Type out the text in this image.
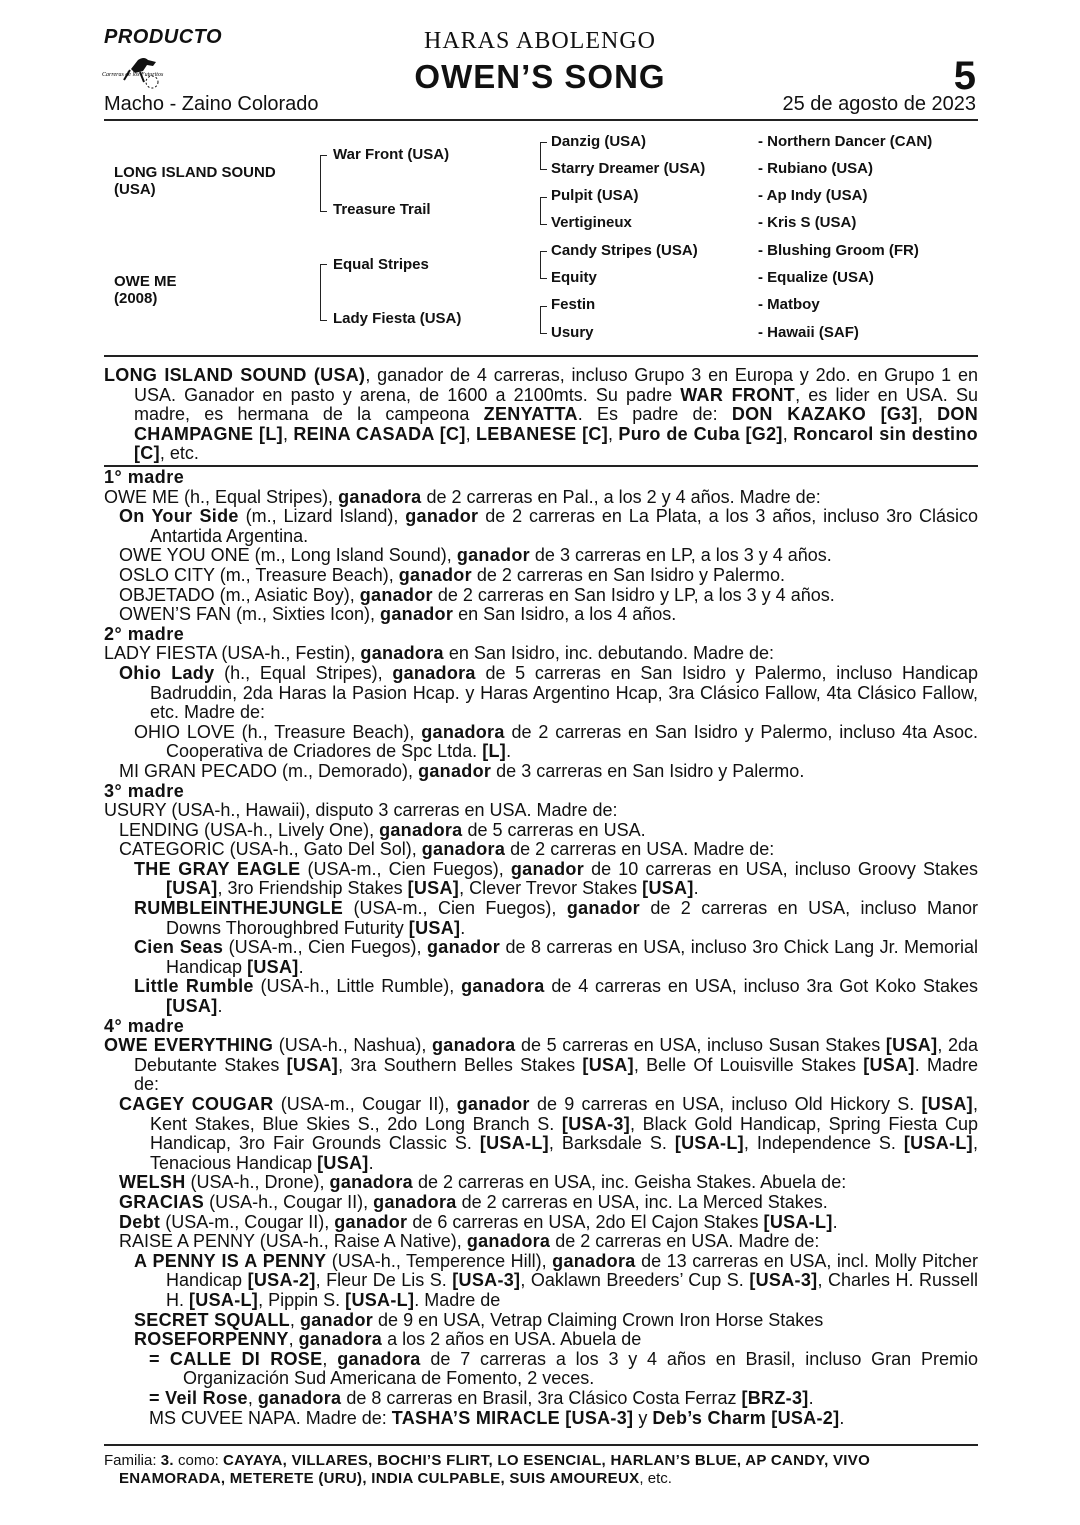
PRODUCTO
Carreras de los Futuritos
HARAS ABOLENGO
OWEN’S SONG	5
Macho - Zaino Colorado	25 de agosto de 2023
LONG ISLAND SOUND
(USA)
OWE ME
(2008)
War Front (USA)
Treasure Trail
Equal Stripes
Lady Fiesta (USA)
Danzig (USA)
Starry Dreamer (USA)
Pulpit (USA)
Vertigineux
Candy Stripes (USA)
Equity
Festin
Usury
- Northern Dancer (CAN)
- Rubiano (USA)
- Ap Indy (USA)
- Kris S (USA)
- Blushing Groom (FR)
- Equalize (USA)
- Matboy
- Hawaii (SAF)

LONG ISLAND SOUND (USA), ganador de 4 carreras, incluso Grupo 3 en Europa y 2do. en Grupo 1 en USA. Ganador en pasto y arena, de 1600 a 2100mts. Su padre WAR FRONT, es lider en USA. Su madre, es hermana de la campeona ZENYATTA. Es padre de: DON KAZAKO [G3], DON CHAMPAGNE [L], REINA CASADA [C], LEBANESE [C], Puro de Cuba [G2], Roncarol sin destino [C], etc.

1° madre

OWE ME (h., Equal Stripes), ganadora de 2 carreras en Pal., a los 2 y 4 años. Madre de:

On Your Side (m., Lizard Island), ganador de 2 carreras en La Plata, a los 3 años, incluso 3ro Clásico Antartida Argentina.

OWE YOU ONE (m., Long Island Sound), ganador de 3 carreras en LP, a los 3 y 4 años.

OSLO CITY (m., Treasure Beach), ganador de 2 carreras en San Isidro y Palermo.

OBJETADO (m., Asiatic Boy), ganador de 2 carreras en San Isidro y LP, a los 3 y 4 años.

OWEN’S FAN (m., Sixties Icon), ganador en San Isidro, a los 4 años.

2° madre

LADY FIESTA (USA-h., Festin), ganadora en San Isidro, inc. debutando. Madre de:

Ohio Lady (h., Equal Stripes), ganadora de 5 carreras en San Isidro y Palermo, incluso Handicap Badruddin, 2da Haras la Pasion Hcap. y Haras Argentino Hcap, 3ra Clásico Fallow, 4ta Clásico Fallow, etc. Madre de:

OHIO LOVE (h., Treasure Beach), ganadora de 2 carreras en San Isidro y Palermo, incluso 4ta Asoc. Cooperativa de Criadores de Spc Ltda. [L].

MI GRAN PECADO (m., Demorado), ganador de 3 carreras en San Isidro y Palermo.

3° madre

USURY (USA-h., Hawaii), disputo 3 carreras en USA. Madre de:

LENDING (USA-h., Lively One), ganadora de 5 carreras en USA.

CATEGORIC (USA-h., Gato Del Sol), ganadora de 2 carreras en USA. Madre de:

THE GRAY EAGLE (USA-m., Cien Fuegos), ganador de 10 carreras en USA, incluso Groovy Stakes [USA], 3ro Friendship Stakes [USA], Clever Trevor Stakes [USA].

RUMBLEINTHEJUNGLE (USA-m., Cien Fuegos), ganador de 2 carreras en USA, incluso Manor Downs Thoroughbred Futurity [USA].

Cien Seas (USA-m., Cien Fuegos), ganador de 8 carreras en USA, incluso 3ro Chick Lang Jr. Memorial Handicap [USA].

Little Rumble (USA-h., Little Rumble), ganadora de 4 carreras en USA, incluso 3ra Got Koko Stakes [USA].

4° madre

OWE EVERYTHING (USA-h., Nashua), ganadora de 5 carreras en USA, incluso Susan Stakes [USA], 2da Debutante Stakes [USA], 3ra Southern Belles Stakes [USA], Belle Of Louisville Stakes [USA]. Madre de:

CAGEY COUGAR (USA-m., Cougar II), ganador de 9 carreras en USA, incluso Old Hickory S. [USA], Kent Stakes, Blue Skies S., 2do Long Branch S. [USA-3], Black Gold Handicap, Spring Fiesta Cup Handicap, 3ro Fair Grounds Classic S. [USA-L], Barksdale S. [USA-L], Independence S. [USA-L], Tenacious Handicap [USA].

WELSH (USA-h., Drone), ganadora de 2 carreras en USA, inc. Geisha Stakes. Abuela de:

GRACIAS (USA-h., Cougar II), ganadora de 2 carreras en USA, inc. La Merced Stakes.

Debt (USA-m., Cougar II), ganador de 6 carreras en USA, 2do El Cajon Stakes [USA-L].

RAISE A PENNY (USA-h., Raise A Native), ganadora de 2 carreras en USA. Madre de:

A PENNY IS A PENNY (USA-h., Temperence Hill), ganadora de 13 carreras en USA, incl. Molly Pitcher Handicap [USA-2], Fleur De Lis S. [USA-3], Oaklawn Breeders’ Cup S. [USA-3], Charles H. Russell H. [USA-L], Pippin S. [USA-L]. Madre de

SECRET SQUALL, ganador de 9 en USA, Vetrap Claiming Crown Iron Horse Stakes

ROSEFORPENNY, ganadora a los 2 años en USA. Abuela de

= CALLE DI ROSE, ganadora de 7 carreras a los 3 y 4 años en Brasil, incluso Gran Premio Organización Sud Americana de Fomento, 2 veces.

= Veil Rose, ganadora de 8 carreras en Brasil, 3ra Clásico Costa Ferraz [BRZ-3].

MS CUVEE NAPA. Madre de: TASHA’S MIRACLE [USA-3] y Deb’s Charm [USA-2].

Familia: 3. como: CAYAYA, VILLARES, BOCHI’S FLIRT, LO ESENCIAL, HARLAN’S BLUE, AP CANDY, VIVO ENAMORADA, METERETE (URU), INDIA CULPABLE, SUIS AMOUREUX, etc.
